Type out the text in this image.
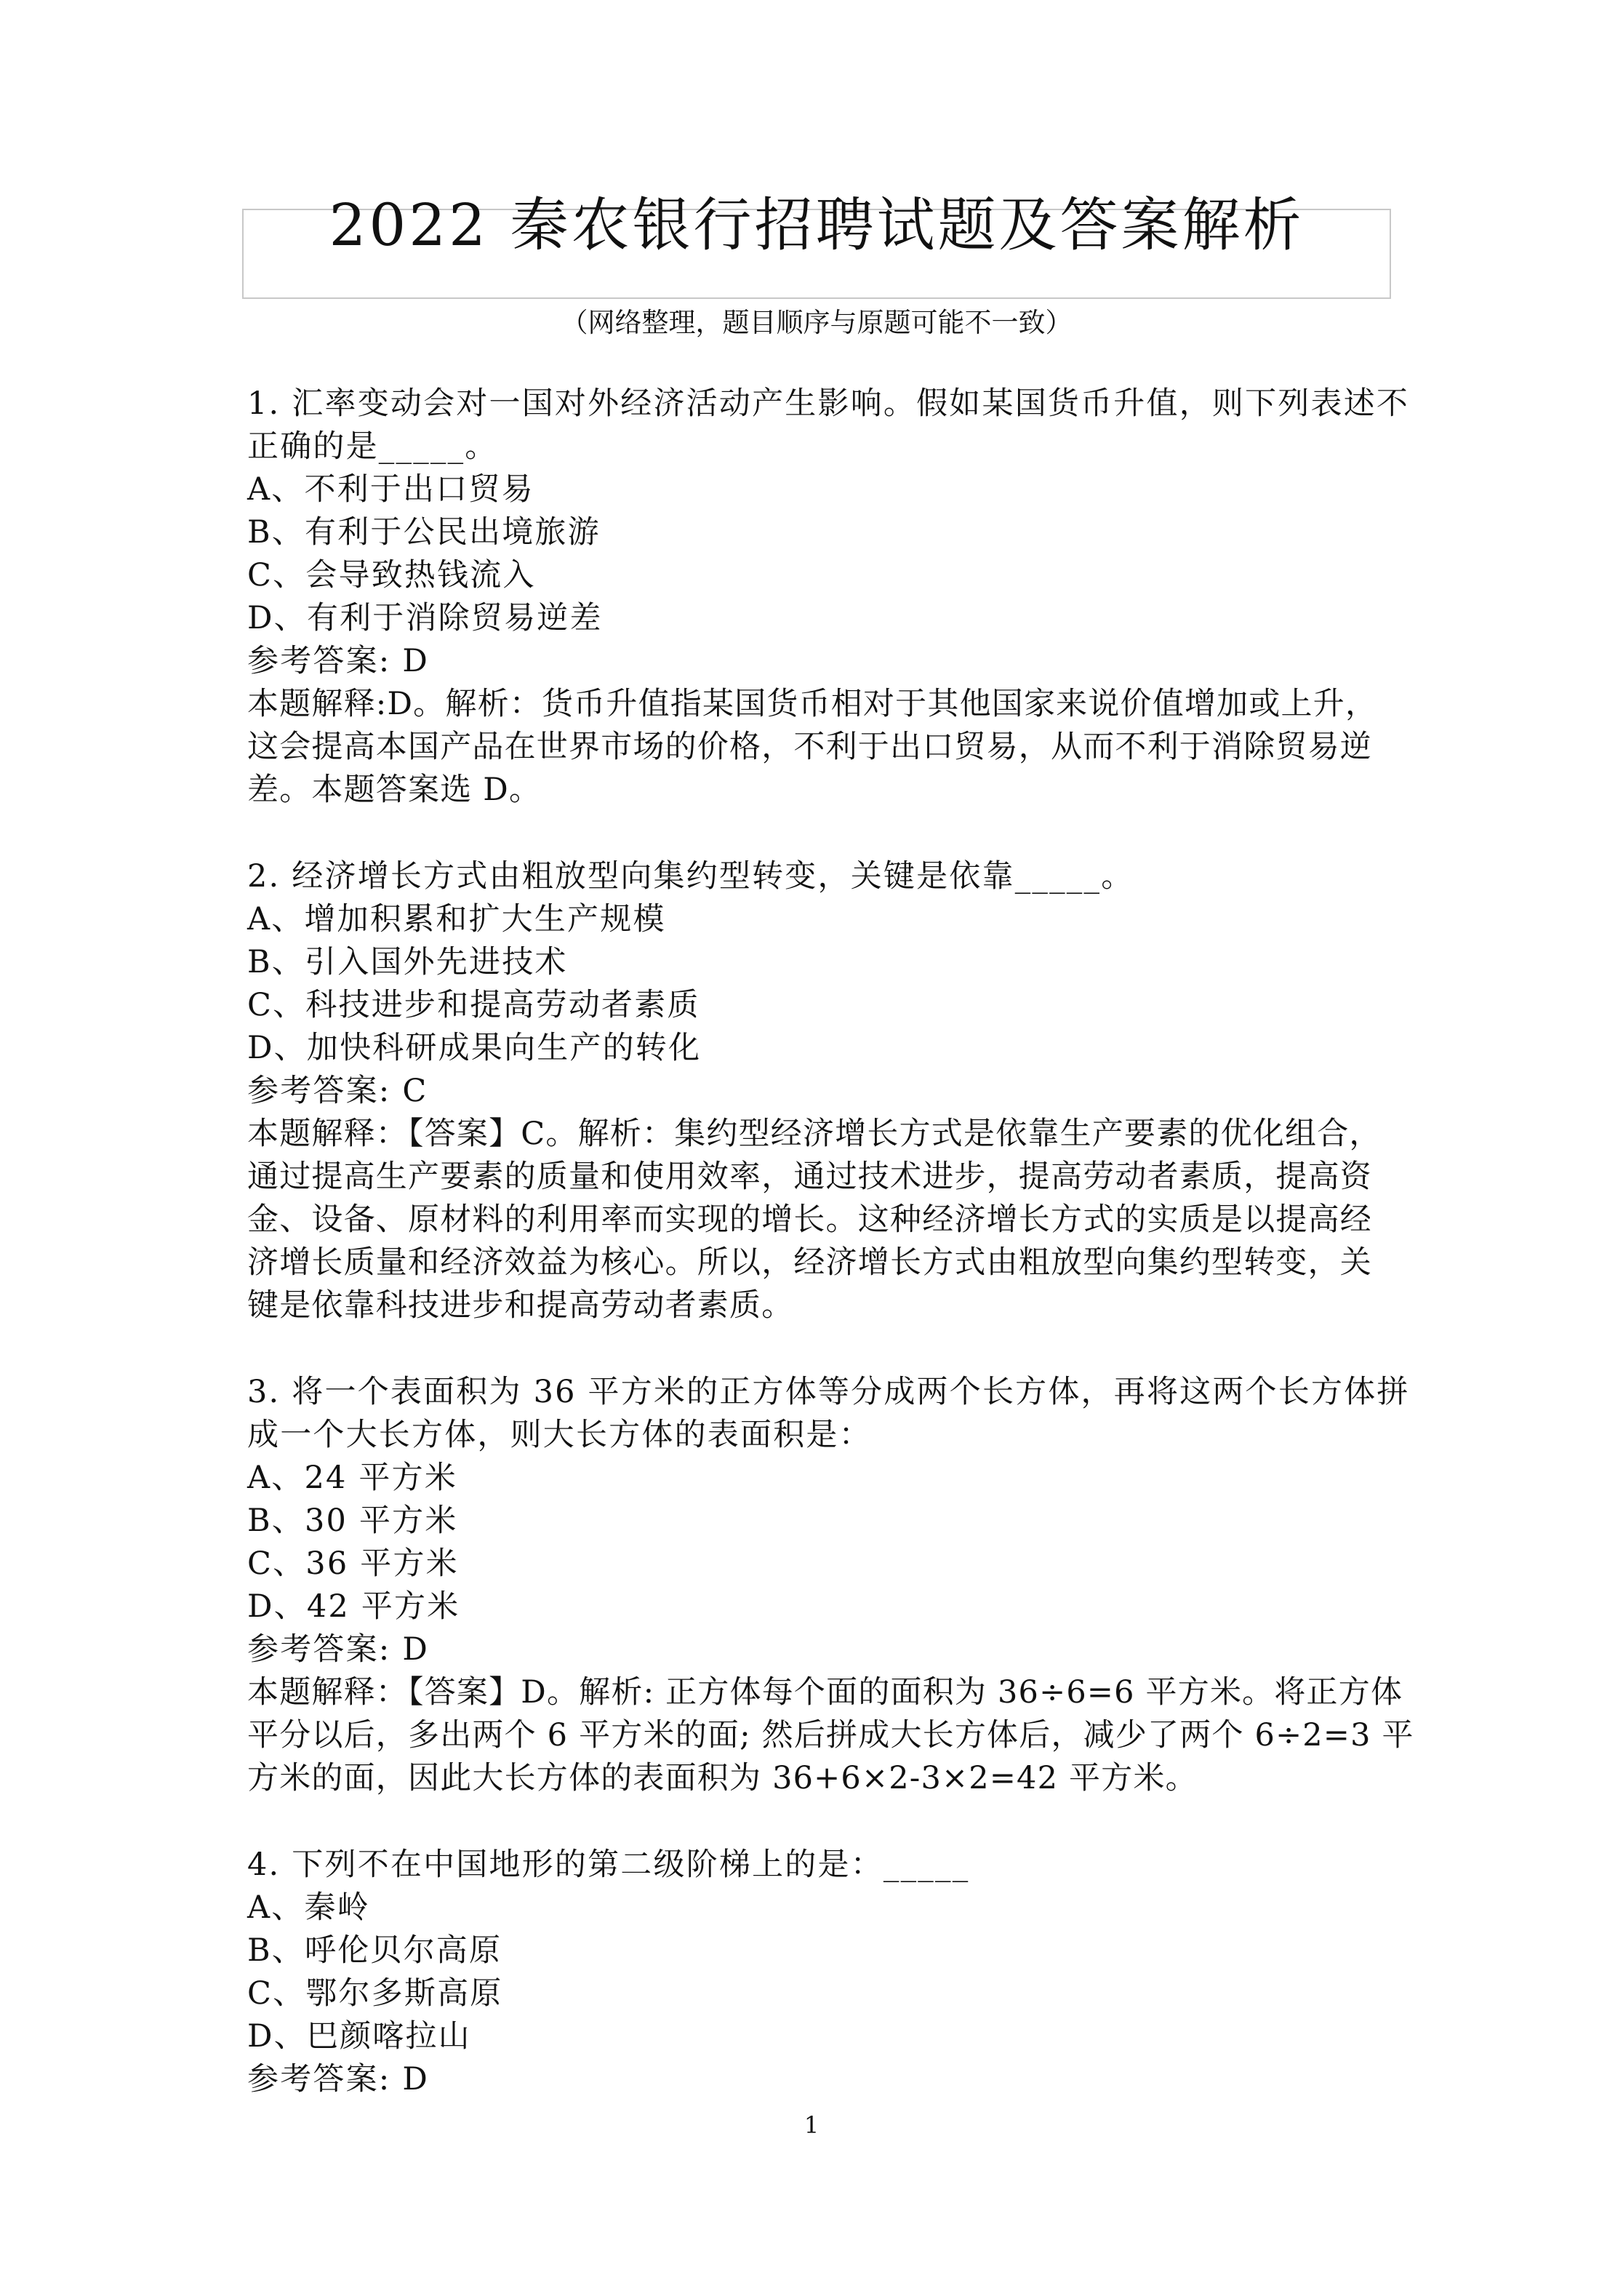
2022 秦农银行招聘试题及答案解析
（网络整理，题目顺序与原题可能不一致）
1. 汇率变动会对一国对外经济活动产生影响。假如某国货币升值，则下列表述不
正确的是_____。
A、不利于出口贸易
B、有利于公民出境旅游
C、会导致热钱流入
D、有利于消除贸易逆差
参考答案: D
本题解释:D。解析：货币升值指某国货币相对于其他国家来说价值增加或上升，
这会提高本国产品在世界市场的价格，不利于出口贸易，从而不利于消除贸易逆
差。本题答案选 D。
2. 经济增长方式由粗放型向集约型转变，关键是依靠_____。
A、增加积累和扩大生产规模
B、引入国外先进技术
C、科技进步和提高劳动者素质
D、加快科研成果向生产的转化
参考答案: C
本题解释：【答案】C。解析：集约型经济增长方式是依靠生产要素的优化组合，
通过提高生产要素的质量和使用效率，通过技术进步，提高劳动者素质，提高资
金、设备、原材料的利用率而实现的增长。这种经济增长方式的实质是以提高经
济增长质量和经济效益为核心。所以，经济增长方式由粗放型向集约型转变，关
键是依靠科技进步和提高劳动者素质。
3. 将一个表面积为 36 平方米的正方体等分成两个长方体，再将这两个长方体拼
成一个大长方体，则大长方体的表面积是：
A、24 平方米
B、30 平方米
C、36 平方米
D、42 平方米
参考答案: D
本题解释：【答案】D。解析: 正方体每个面的面积为 36÷6=6 平方米。将正方体
平分以后，多出两个 6 平方米的面; 然后拼成大长方体后，减少了两个 6÷2=3 平
方米的面，因此大长方体的表面积为 36+6×2-3×2=42 平方米。
4. 下列不在中国地形的第二级阶梯上的是：_____
A、秦岭
B、呼伦贝尔高原
C、鄂尔多斯高原
D、巴颜喀拉山
参考答案: D
1
